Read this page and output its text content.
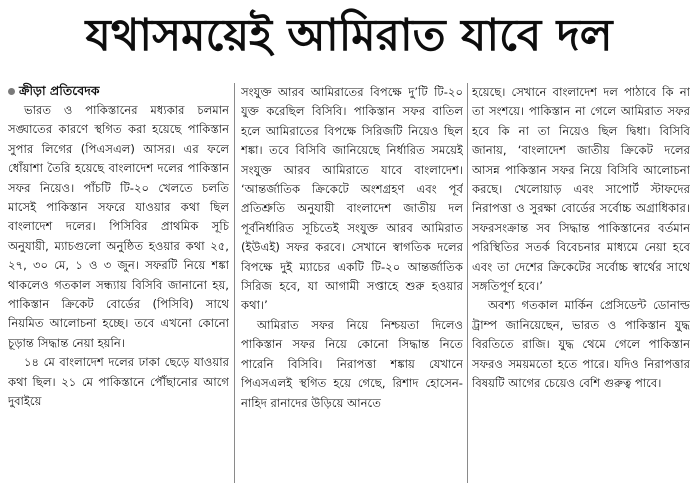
যথাসময়েই আমিরাত যাবে দল
ক্রীড়া প্রতিবেদক

ভারত ও পাকিস্তানের মধ্যকার চলমান সঙ্ঘাতের কারণে স্থগিত করা হয়েছে পাকিস্তান সুপার লিগের (পিএসএল) আসর। এর ফলে ধোঁয়াশা তৈরি হয়েছে বাংলাদেশ দলের পাকিস্তান সফর নিয়েও। পাঁচটি টি-২০ খেলতে চলতি মাসেই পাকিস্তান সফরে যাওয়ার কথা ছিল বাংলাদেশ দলের। পিসিবির প্রাথমিক সূচি অনুযায়ী, ম্যাচগুলো অনুষ্ঠিত হওয়ার কথা ২৫, ২৭, ৩০ মে, ১ ও ৩ জুন। সফরটি নিয়ে শঙ্কা থাকলেও গতকাল সন্ধ্যায় বিসিবি জানানো হয়, পাকিস্তান ক্রিকেট বোর্ডের (পিসিবি) সাথে নিয়মিত আলোচনা হচ্ছে। তবে এখনো কোনো চূড়ান্ত সিদ্ধান্ত নেয়া হয়নি।

১৪ মে বাংলাদেশ দলের ঢাকা ছেড়ে যাওয়ার কথা ছিল। ২১ মে পাকিস্তানে পৌঁছানোর আগে দুবাইয়ে

সংযুক্ত আরব আমিরাতের বিপক্ষে দু’টি টি-২০ যুক্ত করেছিল বিসিবি। পাকিস্তান সফর বাতিল হলে আমিরাতের বিপক্ষে সিরিজটি নিয়েও ছিল শঙ্কা। তবে বিসিবি জানিয়েছে নির্ধারিত সময়েই সংযুক্ত আরব আমিরাতে যাবে বাংলাদেশ। ‘আন্তর্জাতিক ক্রিকেটে অংশগ্রহণ এবং পূর্ব প্রতিশ্রুতি অনুযায়ী বাংলাদেশ জাতীয় দল পূর্বনির্ধারিত সূচিতেই সংযুক্ত আরব আমিরাত (ইউএই) সফর করবে। সেখানে স্বাগতিক দলের বিপক্ষে দুই ম্যাচের একটি টি-২০ আন্তর্জাতিক সিরিজ হবে, যা আগামী সপ্তাহে শুরু হওয়ার কথা।’

আমিরাত সফর নিয়ে নিশ্চয়তা দিলেও পাকিস্তান সফর নিয়ে কোনো সিদ্ধান্ত নিতে পারেনি বিসিবি। নিরাপত্তা শঙ্কায় যেখানে পিএসএলই স্থগিত হয়ে গেছে, রিশাদ হোসেন-নাহিদ রানাদের উড়িয়ে আনতে

হয়েছে। সেখানে বাংলাদেশ দল পাঠাবে কি না তা সংশয়ে। পাকিস্তান না গেলে আমিরাত সফর হবে কি না তা নিয়েও ছিল দ্বিধা। বিসিবি জানায়, ‘বাংলাদেশ জাতীয় ক্রিকেট দলের আসন্ন পাকিস্তান সফর নিয়ে বিসিবি আলোচনা করছে। খেলোয়াড় এবং সাপোর্ট স্টাফদের নিরাপত্তা ও সুরক্ষা বোর্ডের সর্বোচ্চ অগ্রাধিকার। সফরসংক্রান্ত সব সিদ্ধান্ত পাকিস্তানের বর্তমান পরিস্থিতির সতর্ক বিবেচনার মাধ্যমে নেয়া হবে এবং তা দেশের ক্রিকেটের সর্বোচ্চ স্বার্থের সাথে সঙ্গতিপূর্ণ হবে।’

অবশ্য গতকাল মার্কিন প্রেসিডেন্ট ডোনাল্ড ট্রাম্প জানিয়েছেন, ভারত ও পাকিস্তান যুদ্ধ বিরতিতে রাজি। যুদ্ধ থেমে গেলে পাকিস্তান সফরও সময়মতো হতে পারে। যদিও নিরাপত্তার বিষয়টি আগের চেয়েও বেশি গুরুত্ব পাবে।
